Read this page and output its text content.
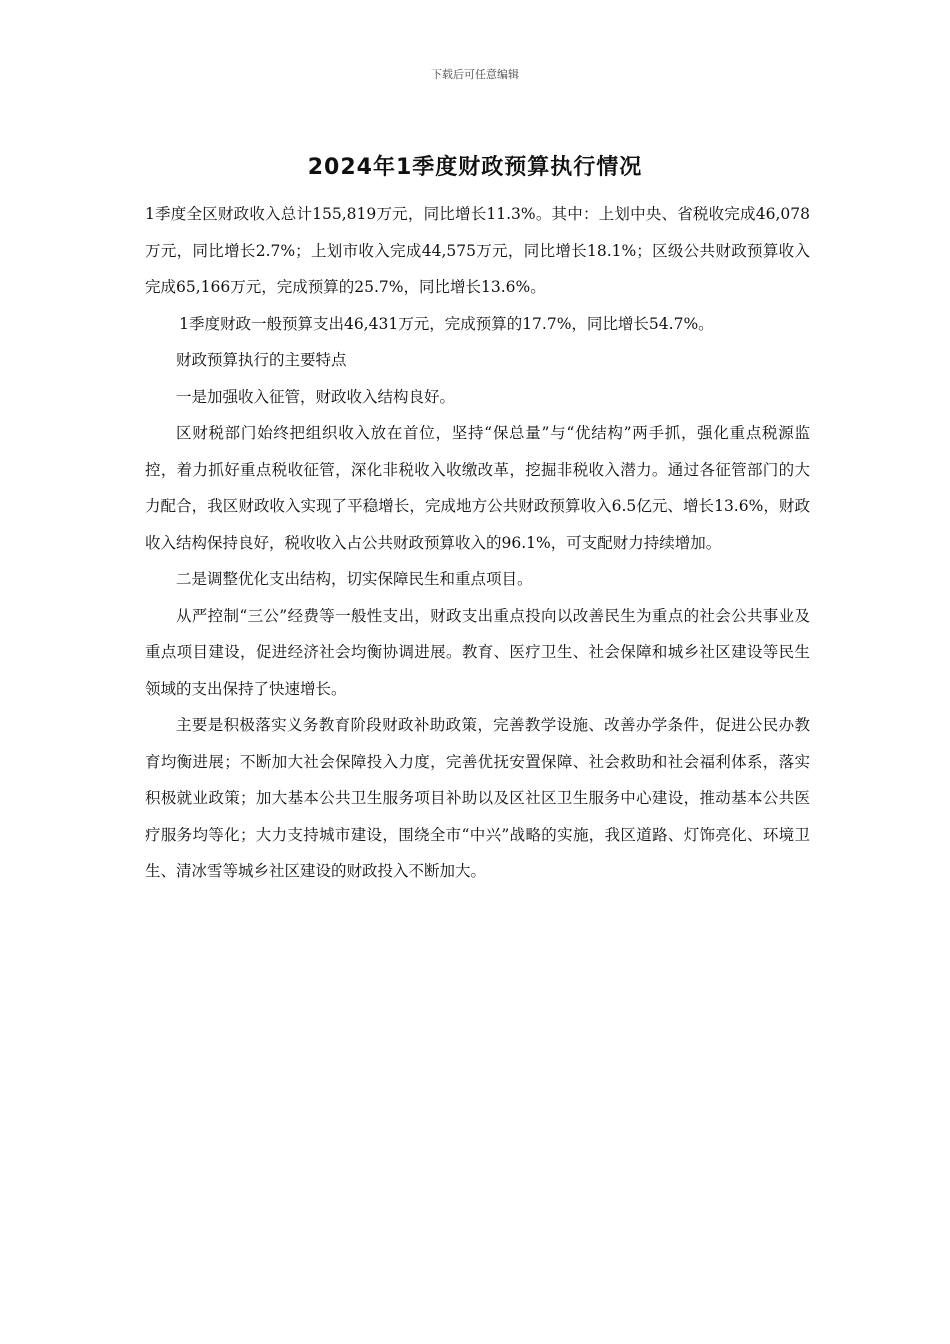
下载后可任意编辑
2024年1季度财政预算执行情况

1季度全区财政收入总计155,819万元，同比增长11.3%。其中：上划中央、省税收完成46,078万元，同比增长2.7%；上划市收入完成44,575万元，同比增长18.1%；区级公共财政预算收入完成65,166万元，完成预算的25.7%，同比增长13.6%。

1季度财政一般预算支出46,431万元，完成预算的17.7%，同比增长54.7%。

财政预算执行的主要特点

一是加强收入征管，财政收入结构良好。

区财税部门始终把组织收入放在首位，坚持“保总量”与“优结构”两手抓，强化重点税源监控，着力抓好重点税收征管，深化非税收入收缴改革，挖掘非税收入潜力。通过各征管部门的大力配合，我区财政收入实现了平稳增长，完成地方公共财政预算收入6.5亿元、增长13.6%，财政收入结构保持良好，税收收入占公共财政预算收入的96.1%，可支配财力持续增加。

二是调整优化支出结构，切实保障民生和重点项目。

从严控制“三公”经费等一般性支出，财政支出重点投向以改善民生为重点的社会公共事业及重点项目建设，促进经济社会均衡协调进展。教育、医疗卫生、社会保障和城乡社区建设等民生领域的支出保持了快速增长。

主要是积极落实义务教育阶段财政补助政策，完善教学设施、改善办学条件，促进公民办教育均衡进展；不断加大社会保障投入力度，完善优抚安置保障、社会救助和社会福利体系，落实积极就业政策；加大基本公共卫生服务项目补助以及区社区卫生服务中心建设，推动基本公共医疗服务均等化；大力支持城市建设，围绕全市“中兴”战略的实施，我区道路、灯饰亮化、环境卫生、清冰雪等城乡社区建设的财政投入不断加大。
